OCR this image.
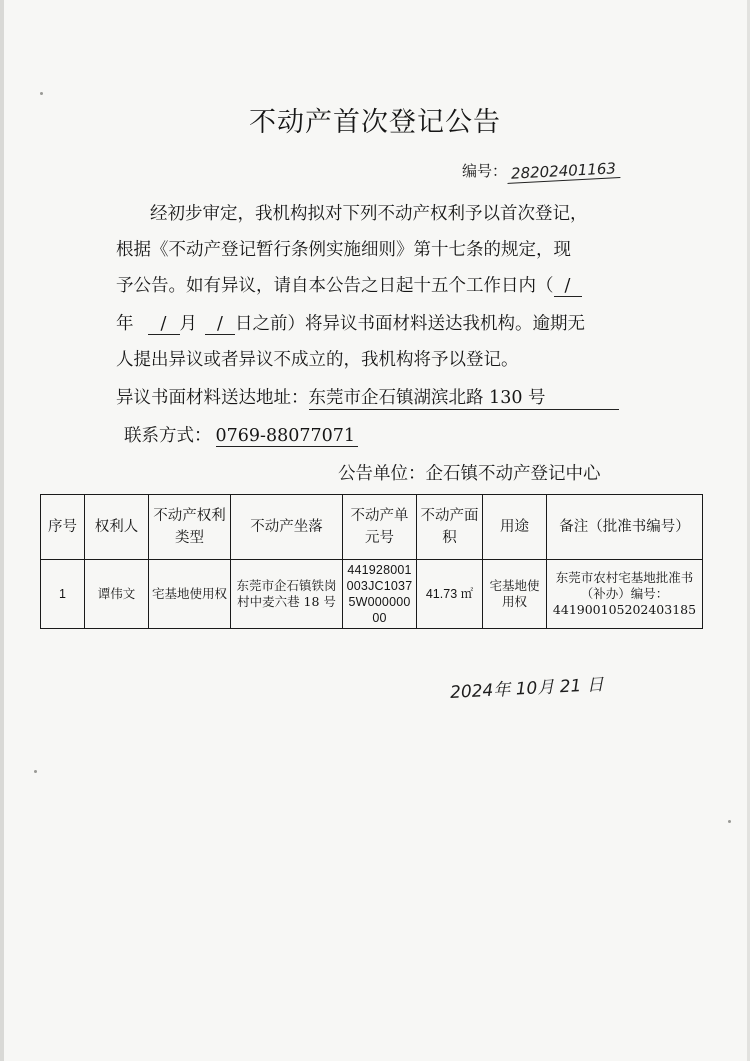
不动产首次登记公告
编号： 28202401163
经初步审定，我机构拟对下列不动产权利予以首次登记，
根据《不动产登记暂行条例实施细则》第十七条的规定，现
予公告。如有异议，请自本公告之日起十五个工作日内（ /
年 / 月 / 日之前）将异议书面材料送达我机构。逾期无
人提出异议或者异议不成立的，我机构将予以登记。
异议书面材料送达地址：东莞市企石镇湖滨北路 130 号
联系方式： 0769-88077071
公告单位：企石镇不动产登记中心
序号	权利人	不动产权利类型	不动产坐落	不动产单元号	不动产面积	用途	备注（批准书编号）
1	谭伟文	宅基地使用权	东莞市企石镇铁岗村中麦六巷 18 号	441928001003JC10375W00000000	41.73 ㎡	宅基地使用权	东莞市农村宅基地批准书（补办）编号：441900105202403185
2024年 10月 21 日
